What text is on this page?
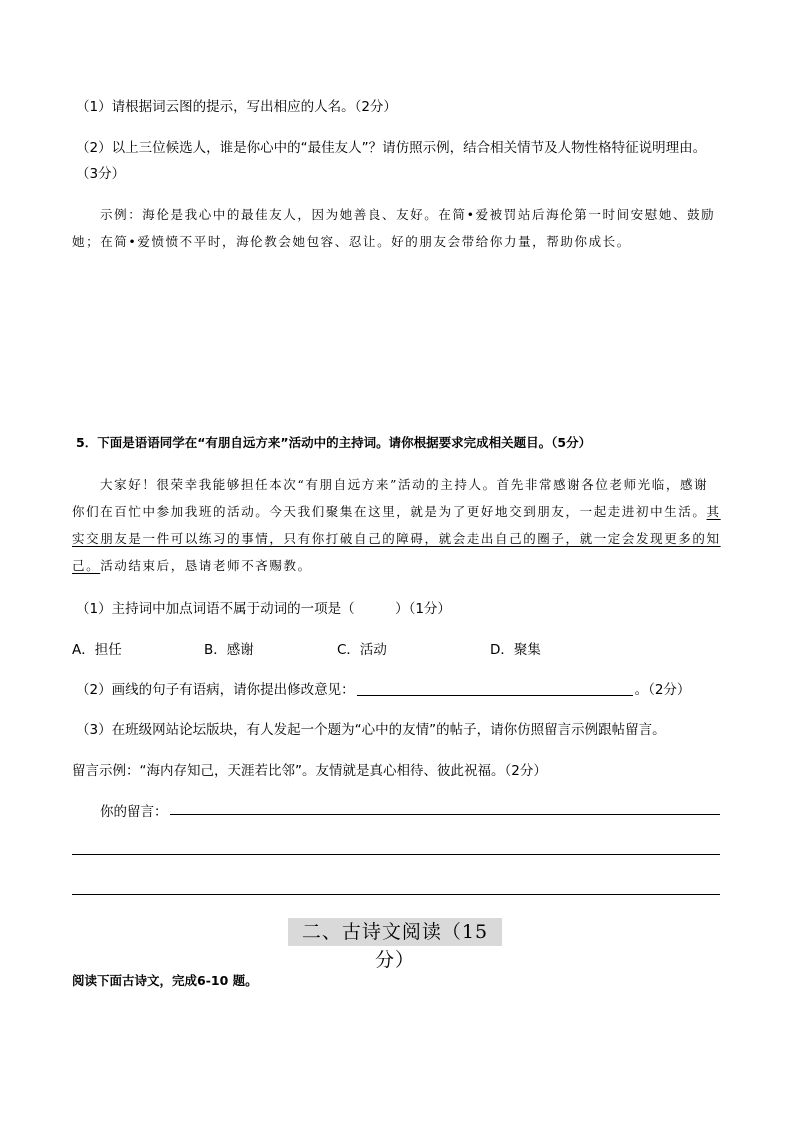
（1）请根据词云图的提示，写出相应的人名。（2分）
（2）以上三位候选人，谁是你心中的“最佳友人”？请仿照示例，结合相关情节及人物性格特征说明理由。
（3分）
示例：海伦是我心中的最佳友人，因为她善良、友好。在简•爱被罚站后海伦第一时间安慰她、鼓励
她；在简•爱愤愤不平时，海伦教会她包容、忍让。好的朋友会带给你力量，帮助你成长。
5．下面是语语同学在“有朋自远方来”活动中的主持词。请你根据要求完成相关题目。（5分）
大家好！很荣幸我能够担任本次“有朋自远方来”活动的主持人。首先非常感谢各位老师光临，感谢
你们在百忙中参加我班的活动。今天我们聚集在这里，就是为了更好地交到朋友，一起走进初中生活。其
实交朋友是一件可以练习的事情，只有你打破自己的障碍，就会走出自己的圈子，就一定会发现更多的知
己。活动结束后，恳请老师不吝赐教。
（1）主持词中加点词语不属于动词的一项是（　　　）（1分）
A．担任	B．感谢	C．活动	D．聚集
（2）画线的句子有语病，请你提出修改意见：	。（2分）
（3）在班级网站论坛版块，有人发起一个题为“心中的友情”的帖子，请你仿照留言示例跟帖留言。
留言示例：“海内存知己，天涯若比邻”。友情就是真心相待、彼此祝福。（2分）
你的留言：
二、古诗文阅读（15 分）
阅读下面古诗文，完成6-10 题。
